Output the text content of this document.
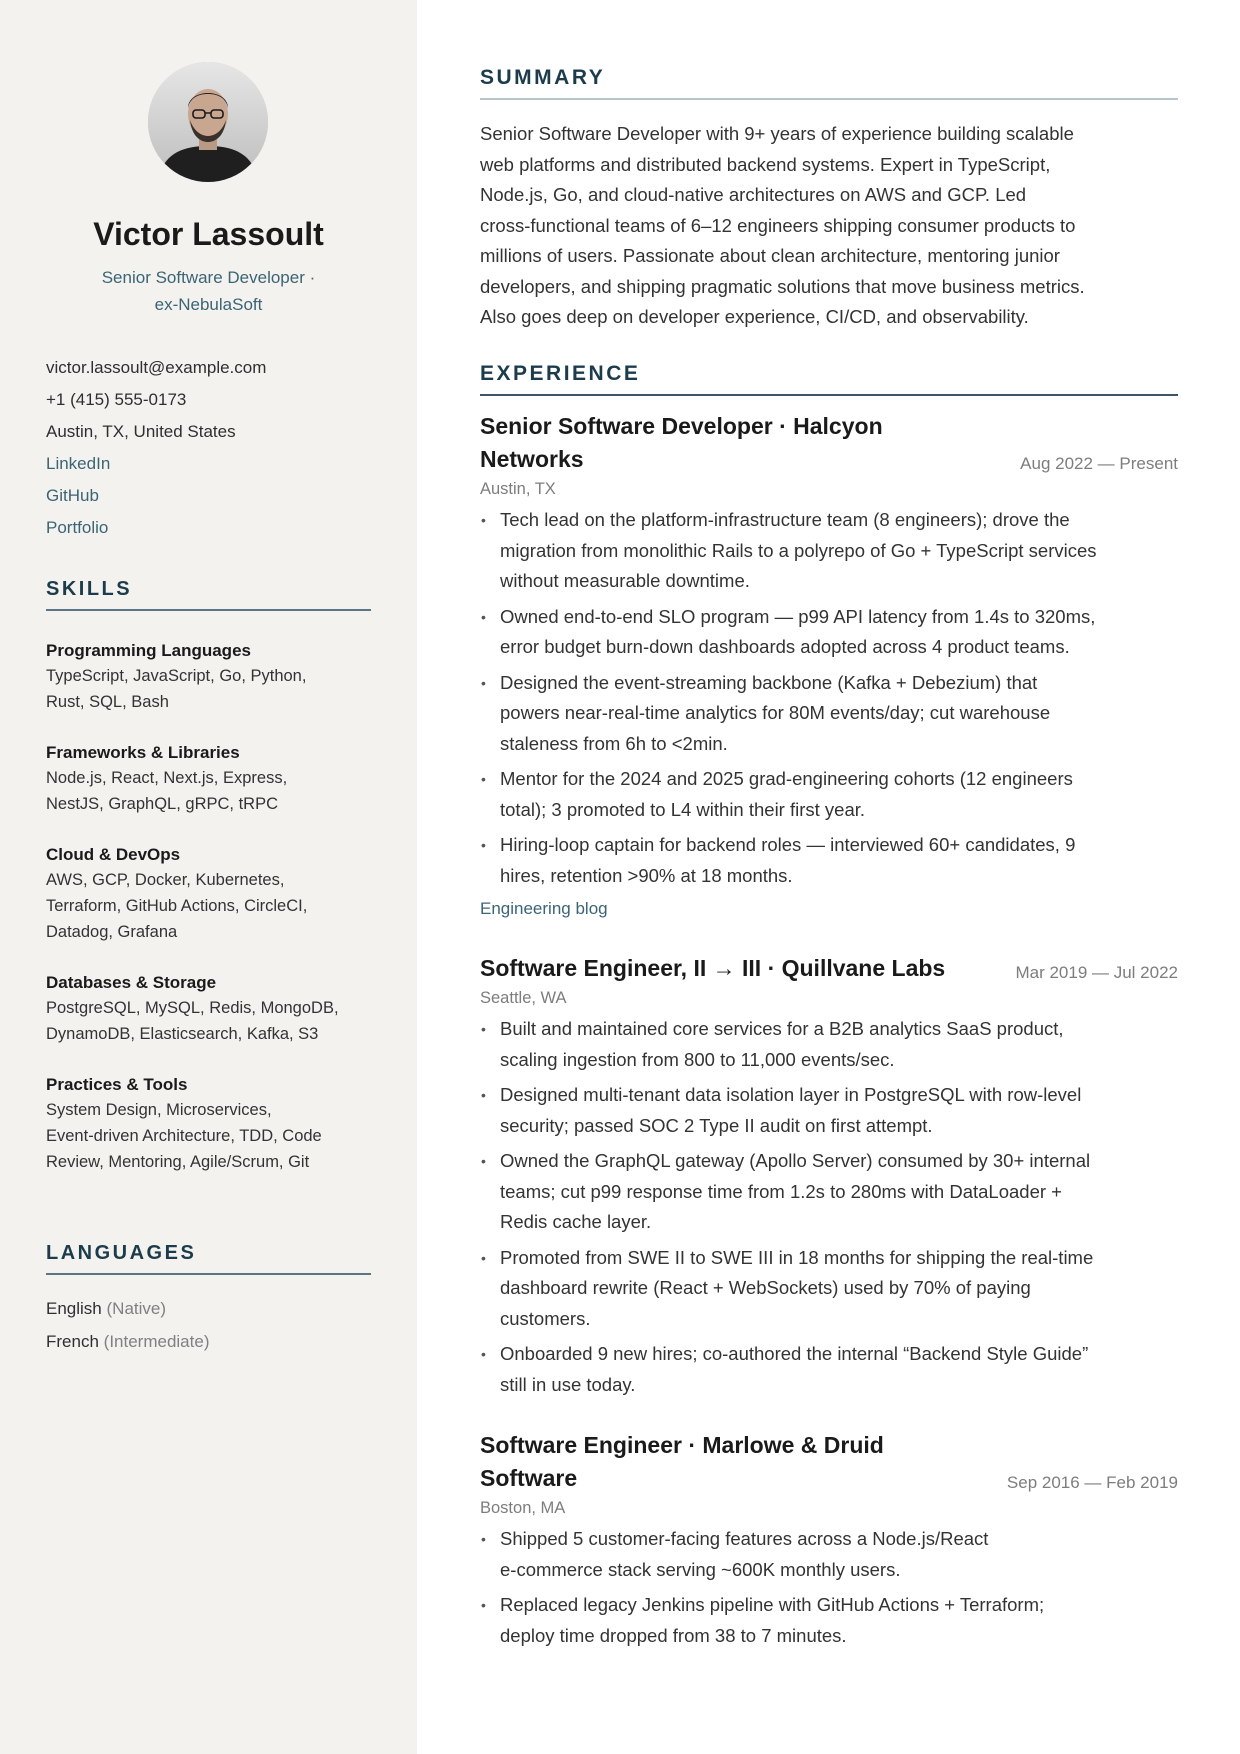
Victor Lassoult
Senior Software Developer ·
ex-NebulaSoft
victor.lassoult@example.com
+1 (415) 555-0173
Austin, TX, United States
LinkedIn
GitHub
Portfolio
SKILLS
Programming Languages
TypeScript, JavaScript, Go, Python,
Rust, SQL, Bash
Frameworks & Libraries
Node.js, React, Next.js, Express,
NestJS, GraphQL, gRPC, tRPC
Cloud & DevOps
AWS, GCP, Docker, Kubernetes,
Terraform, GitHub Actions, CircleCI,
Datadog, Grafana
Databases & Storage
PostgreSQL, MySQL, Redis, MongoDB,
DynamoDB, Elasticsearch, Kafka, S3
Practices & Tools
System Design, Microservices,
Event-driven Architecture, TDD, Code
Review, Mentoring, Agile/Scrum, Git
LANGUAGES
English (Native)
French (Intermediate)
SUMMARY
Senior Software Developer with 9+ years of experience building scalable
web platforms and distributed backend systems. Expert in TypeScript,
Node.js, Go, and cloud-native architectures on AWS and GCP. Led
cross-functional teams of 6–12 engineers shipping consumer products to
millions of users. Passionate about clean architecture, mentoring junior
developers, and shipping pragmatic solutions that move business metrics.
Also goes deep on developer experience, CI/CD, and observability.
EXPERIENCE
Senior Software Developer · Halcyon
Networks	Aug 2022 — Present
Austin, TX
• Tech lead on the platform-infrastructure team (8 engineers); drove the
migration from monolithic Rails to a polyrepo of Go + TypeScript services
without measurable downtime.
• Owned end-to-end SLO program — p99 API latency from 1.4s to 320ms,
error budget burn-down dashboards adopted across 4 product teams.
• Designed the event-streaming backbone (Kafka + Debezium) that
powers near-real-time analytics for 80M events/day; cut warehouse
staleness from 6h to <2min.
• Mentor for the 2024 and 2025 grad-engineering cohorts (12 engineers
total); 3 promoted to L4 within their first year.
• Hiring-loop captain for backend roles — interviewed 60+ candidates, 9
hires, retention >90% at 18 months.
Engineering blog
Software Engineer, II → III · Quillvane Labs	Mar 2019 — Jul 2022
Seattle, WA
• Built and maintained core services for a B2B analytics SaaS product,
scaling ingestion from 800 to 11,000 events/sec.
• Designed multi-tenant data isolation layer in PostgreSQL with row-level
security; passed SOC 2 Type II audit on first attempt.
• Owned the GraphQL gateway (Apollo Server) consumed by 30+ internal
teams; cut p99 response time from 1.2s to 280ms with DataLoader +
Redis cache layer.
• Promoted from SWE II to SWE III in 18 months for shipping the real-time
dashboard rewrite (React + WebSockets) used by 70% of paying
customers.
• Onboarded 9 new hires; co-authored the internal “Backend Style Guide”
still in use today.
Software Engineer · Marlowe & Druid
Software	Sep 2016 — Feb 2019
Boston, MA
• Shipped 5 customer-facing features across a Node.js/React
e-commerce stack serving ~600K monthly users.
• Replaced legacy Jenkins pipeline with GitHub Actions + Terraform;
deploy time dropped from 38 to 7 minutes.
